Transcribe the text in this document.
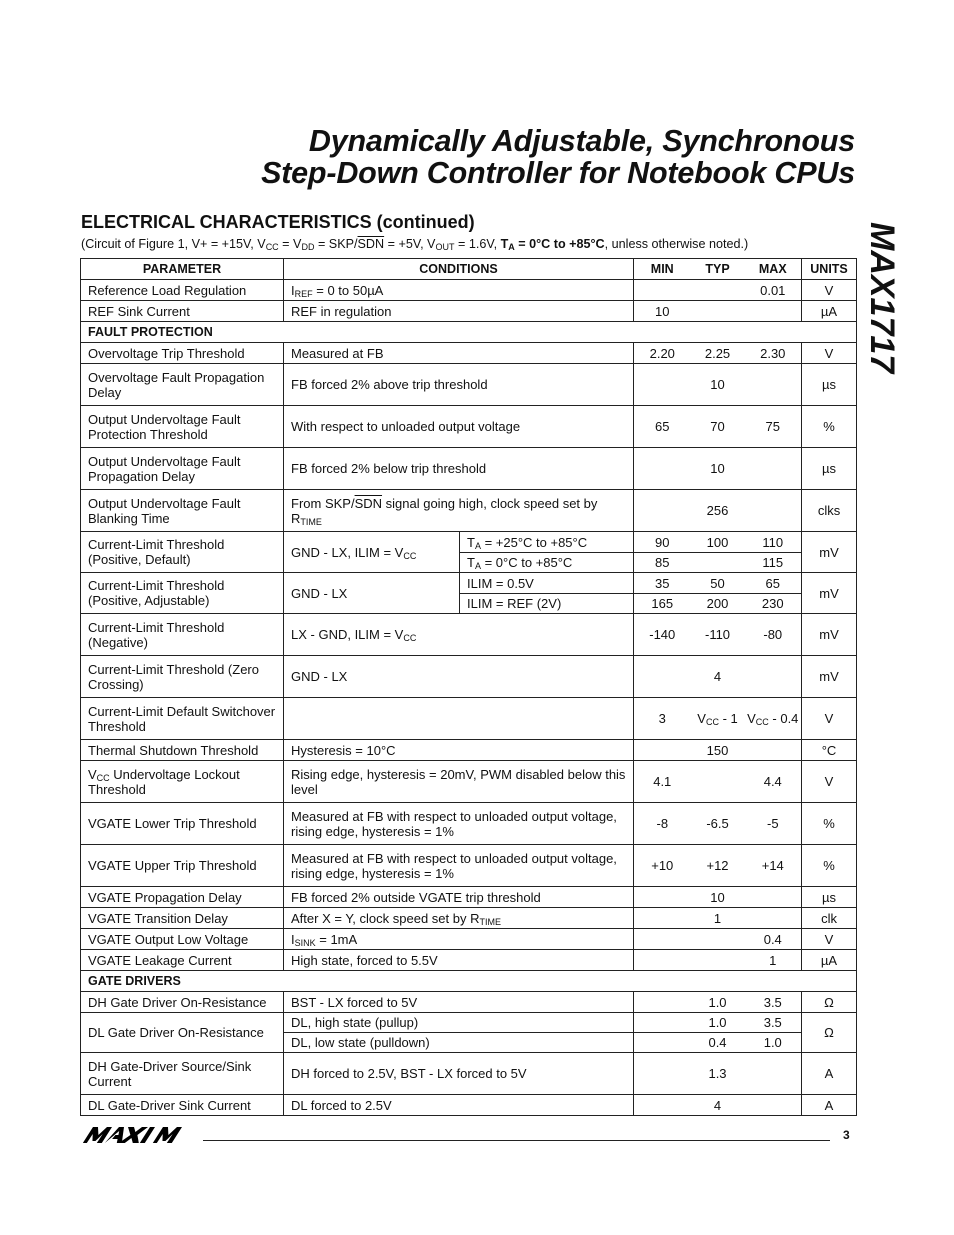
Dynamically Adjustable, Synchronous
Step-Down Controller for Notebook CPUs
MAX1717
ELECTRICAL CHARACTERISTICS (continued)
(Circuit of Figure 1, V+ = +15V, $V_{CC} = V_{DD} = SKP/\overline{SDN} = +5V$, $V_{OUT} = 1.6V$, $T_A = 0^\circ C$ to +85°C, unless otherwise noted.)
PARAMETER	CONDITIONS		MIN	TYP	MAX	UNITS
Reference Load Regulation	$I_{REF} = 0$ to 50µA				0.01	V
REF Sink Current	REF in regulation		10			µA
FAULT PROTECTION						
Overvoltage Trip Threshold	Measured at FB		2.20	2.25	2.30	V
Overvoltage Fault Propagation Delay	FB forced 2% above trip threshold			10		µs
Output Undervoltage Fault Protection Threshold	With respect to unloaded output voltage		65	70	75	%
Output Undervoltage Fault Propagation Delay	FB forced 2% below trip threshold			10		µs
Output Undervoltage Fault Blanking Time	From SKP/$\overline{SDN}$ signal going high, clock speed set by $R_{TIME}$			256		clks
Current-Limit Threshold (Positive, Default)	GND - LX, ILIM = $V_{CC}$	$T_A = +25^\circ C$ to +85°C	90	100	110	mV
		$T_A = 0^\circ C$ to +85°C	85		115	
Current-Limit Threshold (Positive, Adjustable)	GND - LX	ILIM = 0.5V	35	50	65	mV
		ILIM = REF (2V)	165	200	230	
Current-Limit Threshold (Negative)	LX - GND, ILIM = $V_{CC}$		-140	-110	-80	mV
Current-Limit Threshold (Zero Crossing)	GND - LX			4		mV
Current-Limit Default Switchover Threshold			3	$V_{CC} - 1$	$V_{CC} - 0.4$	V
Thermal Shutdown Threshold	Hysteresis = 10°C			150		°C
$V_{CC}$ Undervoltage Lockout Threshold	Rising edge, hysteresis = 20mV, PWM disabled below this level		4.1		4.4	V
VGATE Lower Trip Threshold	Measured at FB with respect to unloaded output voltage, rising edge, hysteresis = 1%		-8	-6.5	-5	%
VGATE Upper Trip Threshold	Measured at FB with respect to unloaded output voltage, rising edge, hysteresis = 1%		+10	+12	+14	%
VGATE Propagation Delay	FB forced 2% outside VGATE trip threshold			10		µs
VGATE Transition Delay	After X = Y, clock speed set by $R_{TIME}$			1		clk
VGATE Output Low Voltage	$I_{SINK} = 1mA$				0.4	V
VGATE Leakage Current	High state, forced to 5.5V				1	µA
GATE DRIVERS						
DH Gate Driver On-Resistance	BST - LX forced to 5V			1.0	3.5	Ω
DL Gate Driver On-Resistance	DL, high state (pullup)			1.0	3.5	Ω
	DL, low state (pulldown)			0.4	1.0	
DH Gate-Driver Source/Sink Current	DH forced to 2.5V, BST - LX forced to 5V			1.3		A
DL Gate-Driver Sink Current	DL forced to 2.5V			4		A
3
